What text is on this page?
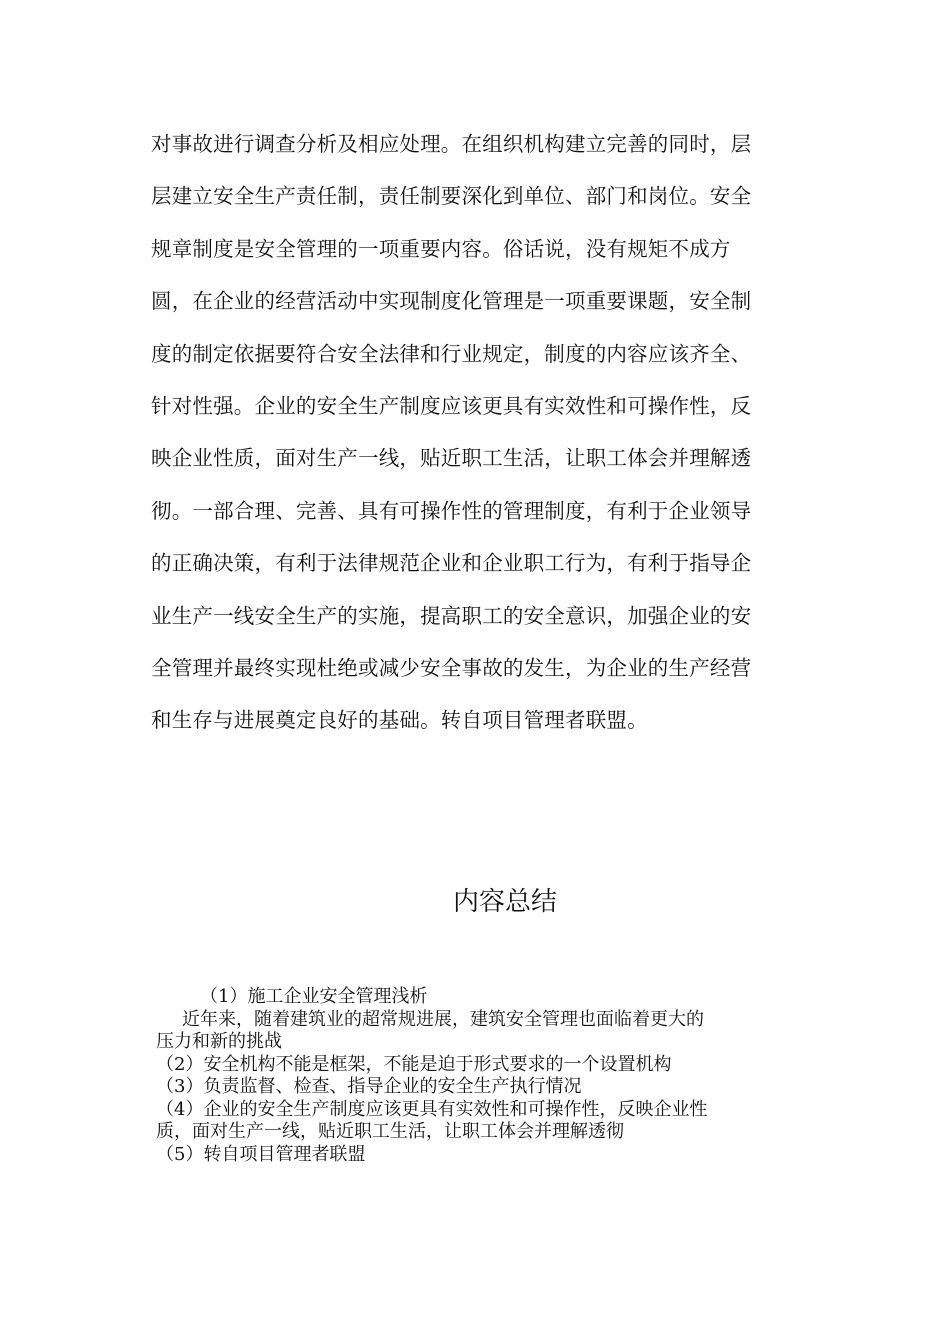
对事故进行调查分析及相应处理。在组织机构建立完善的同时，层
层建立安全生产责任制，责任制要深化到单位、部门和岗位。安全
规章制度是安全管理的一项重要内容。俗话说，没有规矩不成方
圆，在企业的经营活动中实现制度化管理是一项重要课题，安全制
度的制定依据要符合安全法律和行业规定，制度的内容应该齐全、
针对性强。企业的安全生产制度应该更具有实效性和可操作性，反
映企业性质，面对生产一线，贴近职工生活，让职工体会并理解透
彻。一部合理、完善、具有可操作性的管理制度，有利于企业领导
的正确决策，有利于法律规范企业和企业职工行为，有利于指导企
业生产一线安全生产的实施，提高职工的安全意识，加强企业的安
全管理并最终实现杜绝或减少安全事故的发生，为企业的生产经营
和生存与进展奠定良好的基础。转自项目管理者联盟。
内容总结
（1）施工企业安全管理浅析
近年来，随着建筑业的超常规进展，建筑安全管理也面临着更大的
压力和新的挑战
（2）安全机构不能是框架，不能是迫于形式要求的一个设置机构
（3）负责监督、检查、指导企业的安全生产执行情况
（4）企业的安全生产制度应该更具有实效性和可操作性，反映企业性
质，面对生产一线，贴近职工生活，让职工体会并理解透彻
（5）转自项目管理者联盟
